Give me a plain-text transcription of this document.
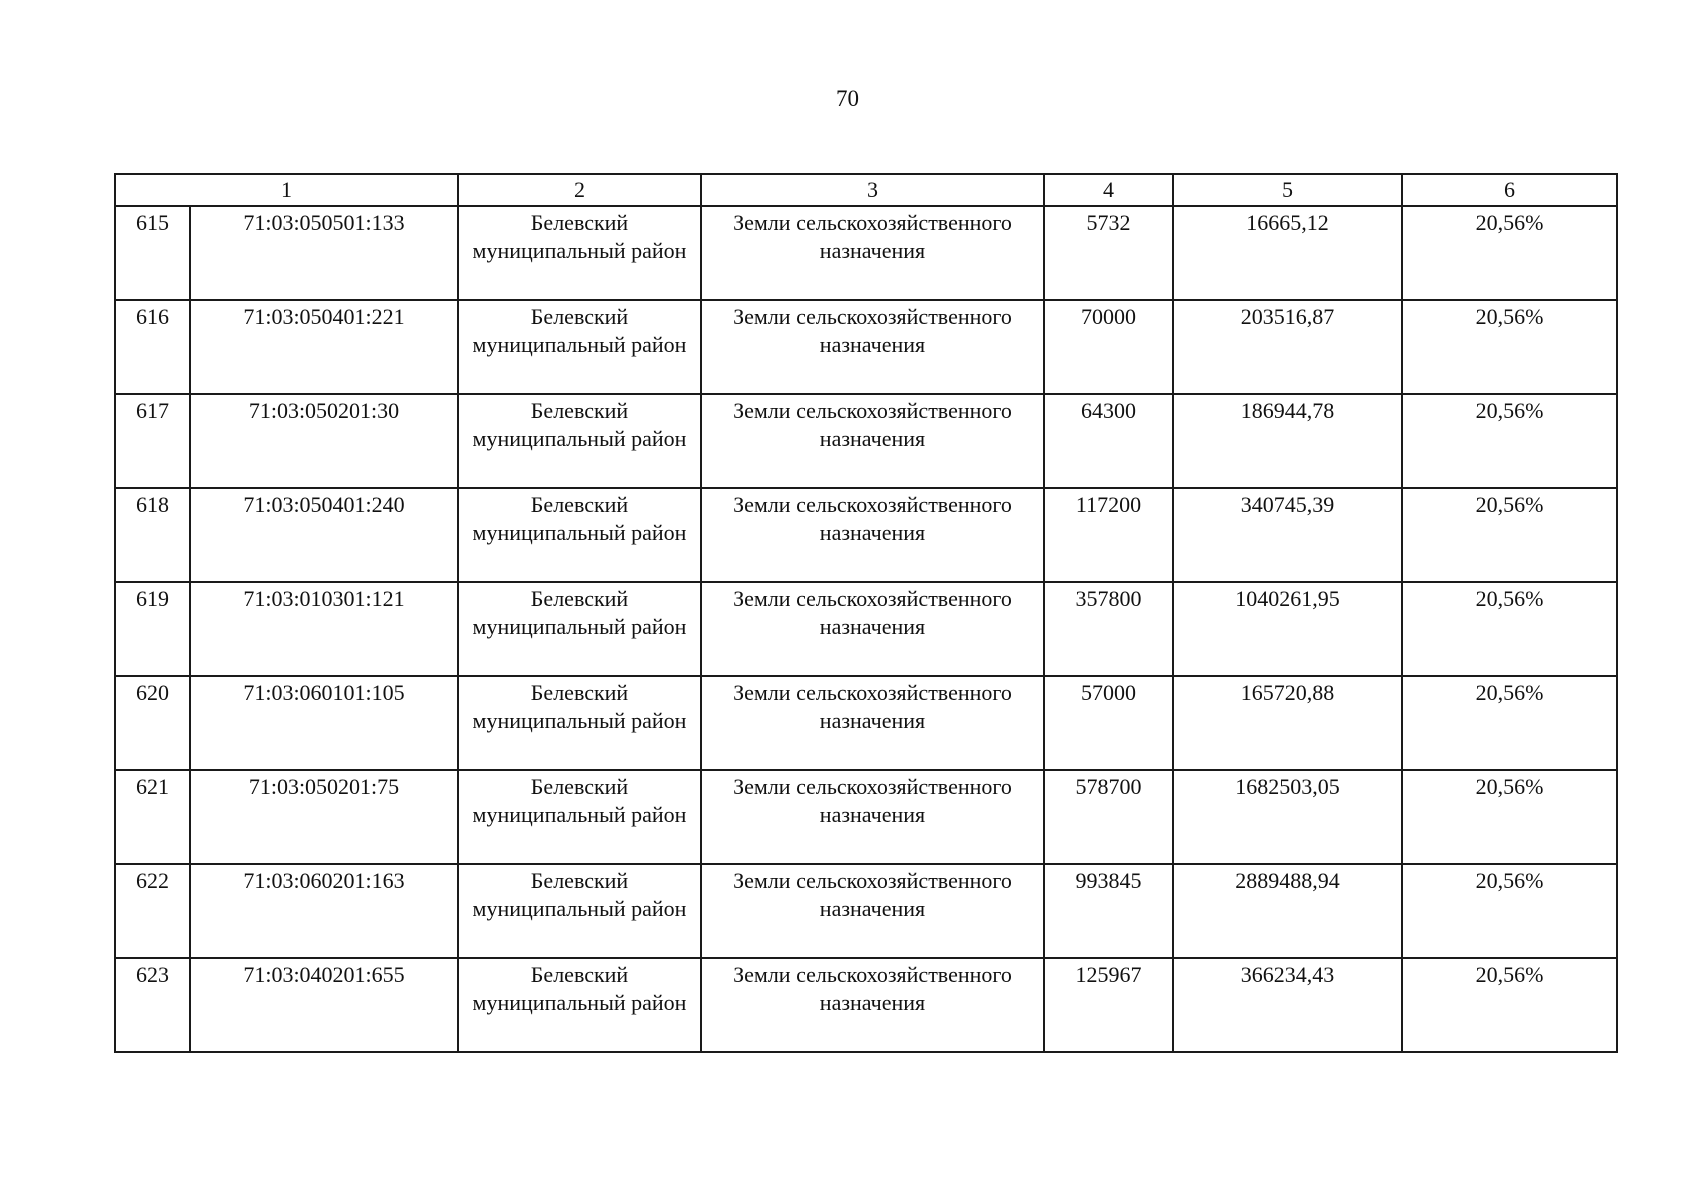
70
1		2	3	4	5	6
615	71:03:050501:133	Белевский муниципальный район	Земли сельскохозяйственного назначения	5732	16665,12	20,56%
616	71:03:050401:221	Белевский муниципальный район	Земли сельскохозяйственного назначения	70000	203516,87	20,56%
617	71:03:050201:30	Белевский муниципальный район	Земли сельскохозяйственного назначения	64300	186944,78	20,56%
618	71:03:050401:240	Белевский муниципальный район	Земли сельскохозяйственного назначения	117200	340745,39	20,56%
619	71:03:010301:121	Белевский муниципальный район	Земли сельскохозяйственного назначения	357800	1040261,95	20,56%
620	71:03:060101:105	Белевский муниципальный район	Земли сельскохозяйственного назначения	57000	165720,88	20,56%
621	71:03:050201:75	Белевский муниципальный район	Земли сельскохозяйственного назначения	578700	1682503,05	20,56%
622	71:03:060201:163	Белевский муниципальный район	Земли сельскохозяйственного назначения	993845	2889488,94	20,56%
623	71:03:040201:655	Белевский муниципальный район	Земли сельскохозяйственного назначения	125967	366234,43	20,56%
